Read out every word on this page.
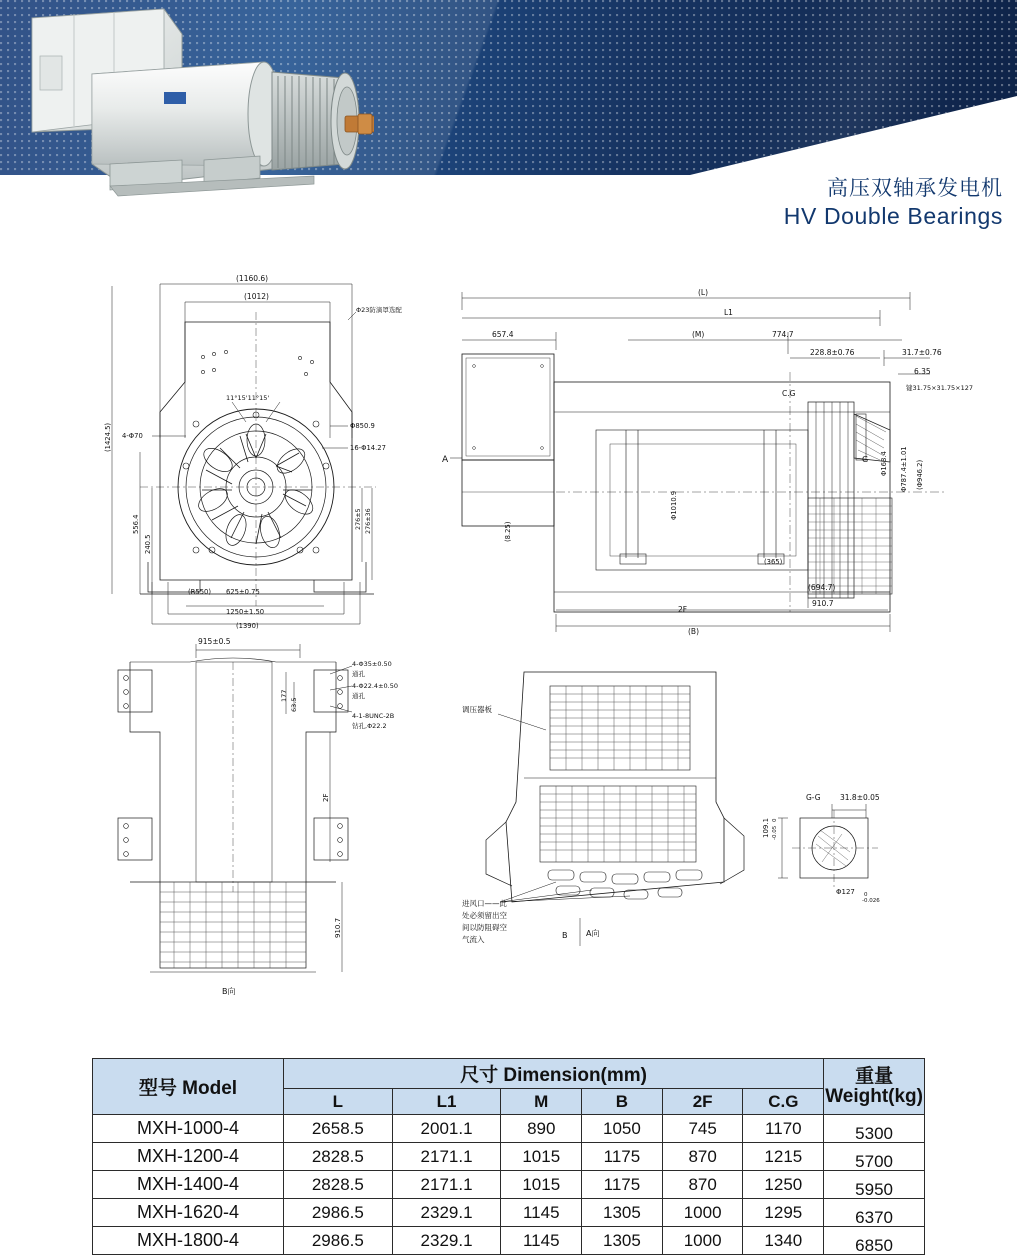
高压双轴承发电机
HV Double Bearings
(1160.6)
(1012)
11°15'11°15'
Φ23防滴罩选配
Φ850.9
16-Φ14.27
4-Φ70
(1424.5)
556.4
240.5
276±5 276±36
(R550) 625±0.75
1250±1.50
(1390)
(L)
L1
657.4	(M)	774.7
228.8±0.76	31.7±0.76
6.35
键31.75×31.75×127
C.G
A	G Φ168.4 Φ787.4±1.01 (Φ946.2)
Φ1010.9
(8.25)
(365)
(694.7)
910.7
2F
(B)
915±0.5
4-Φ35±0.50
通孔
4-Φ22.4±0.50
通孔
4-1-8UNC-2B
钻孔,Φ22.2
177
63.5
2F
910.7
B向
调压器板
进风口——此
处必须留出空
间以防阻碍空
气流入	B A向
G-G	31.8±0.05
Φ127 0
-0.026
109.1 0
-0.05
型号 Model	尺寸 Dimension(mm)						重量
Weight(kg)

	L	L1	M	B	2F	C.G	
MXH-1000-4	2658.5	2001.1	890	1050	745	1170	5300
MXH-1200-4	2828.5	2171.1	1015	1175	870	1215	5700
MXH-1400-4	2828.5	2171.1	1015	1175	870	1250	5950
MXH-1620-4	2986.5	2329.1	1145	1305	1000	1295	6370
MXH-1800-4	2986.5	2329.1	1145	1305	1000	1340	6850
